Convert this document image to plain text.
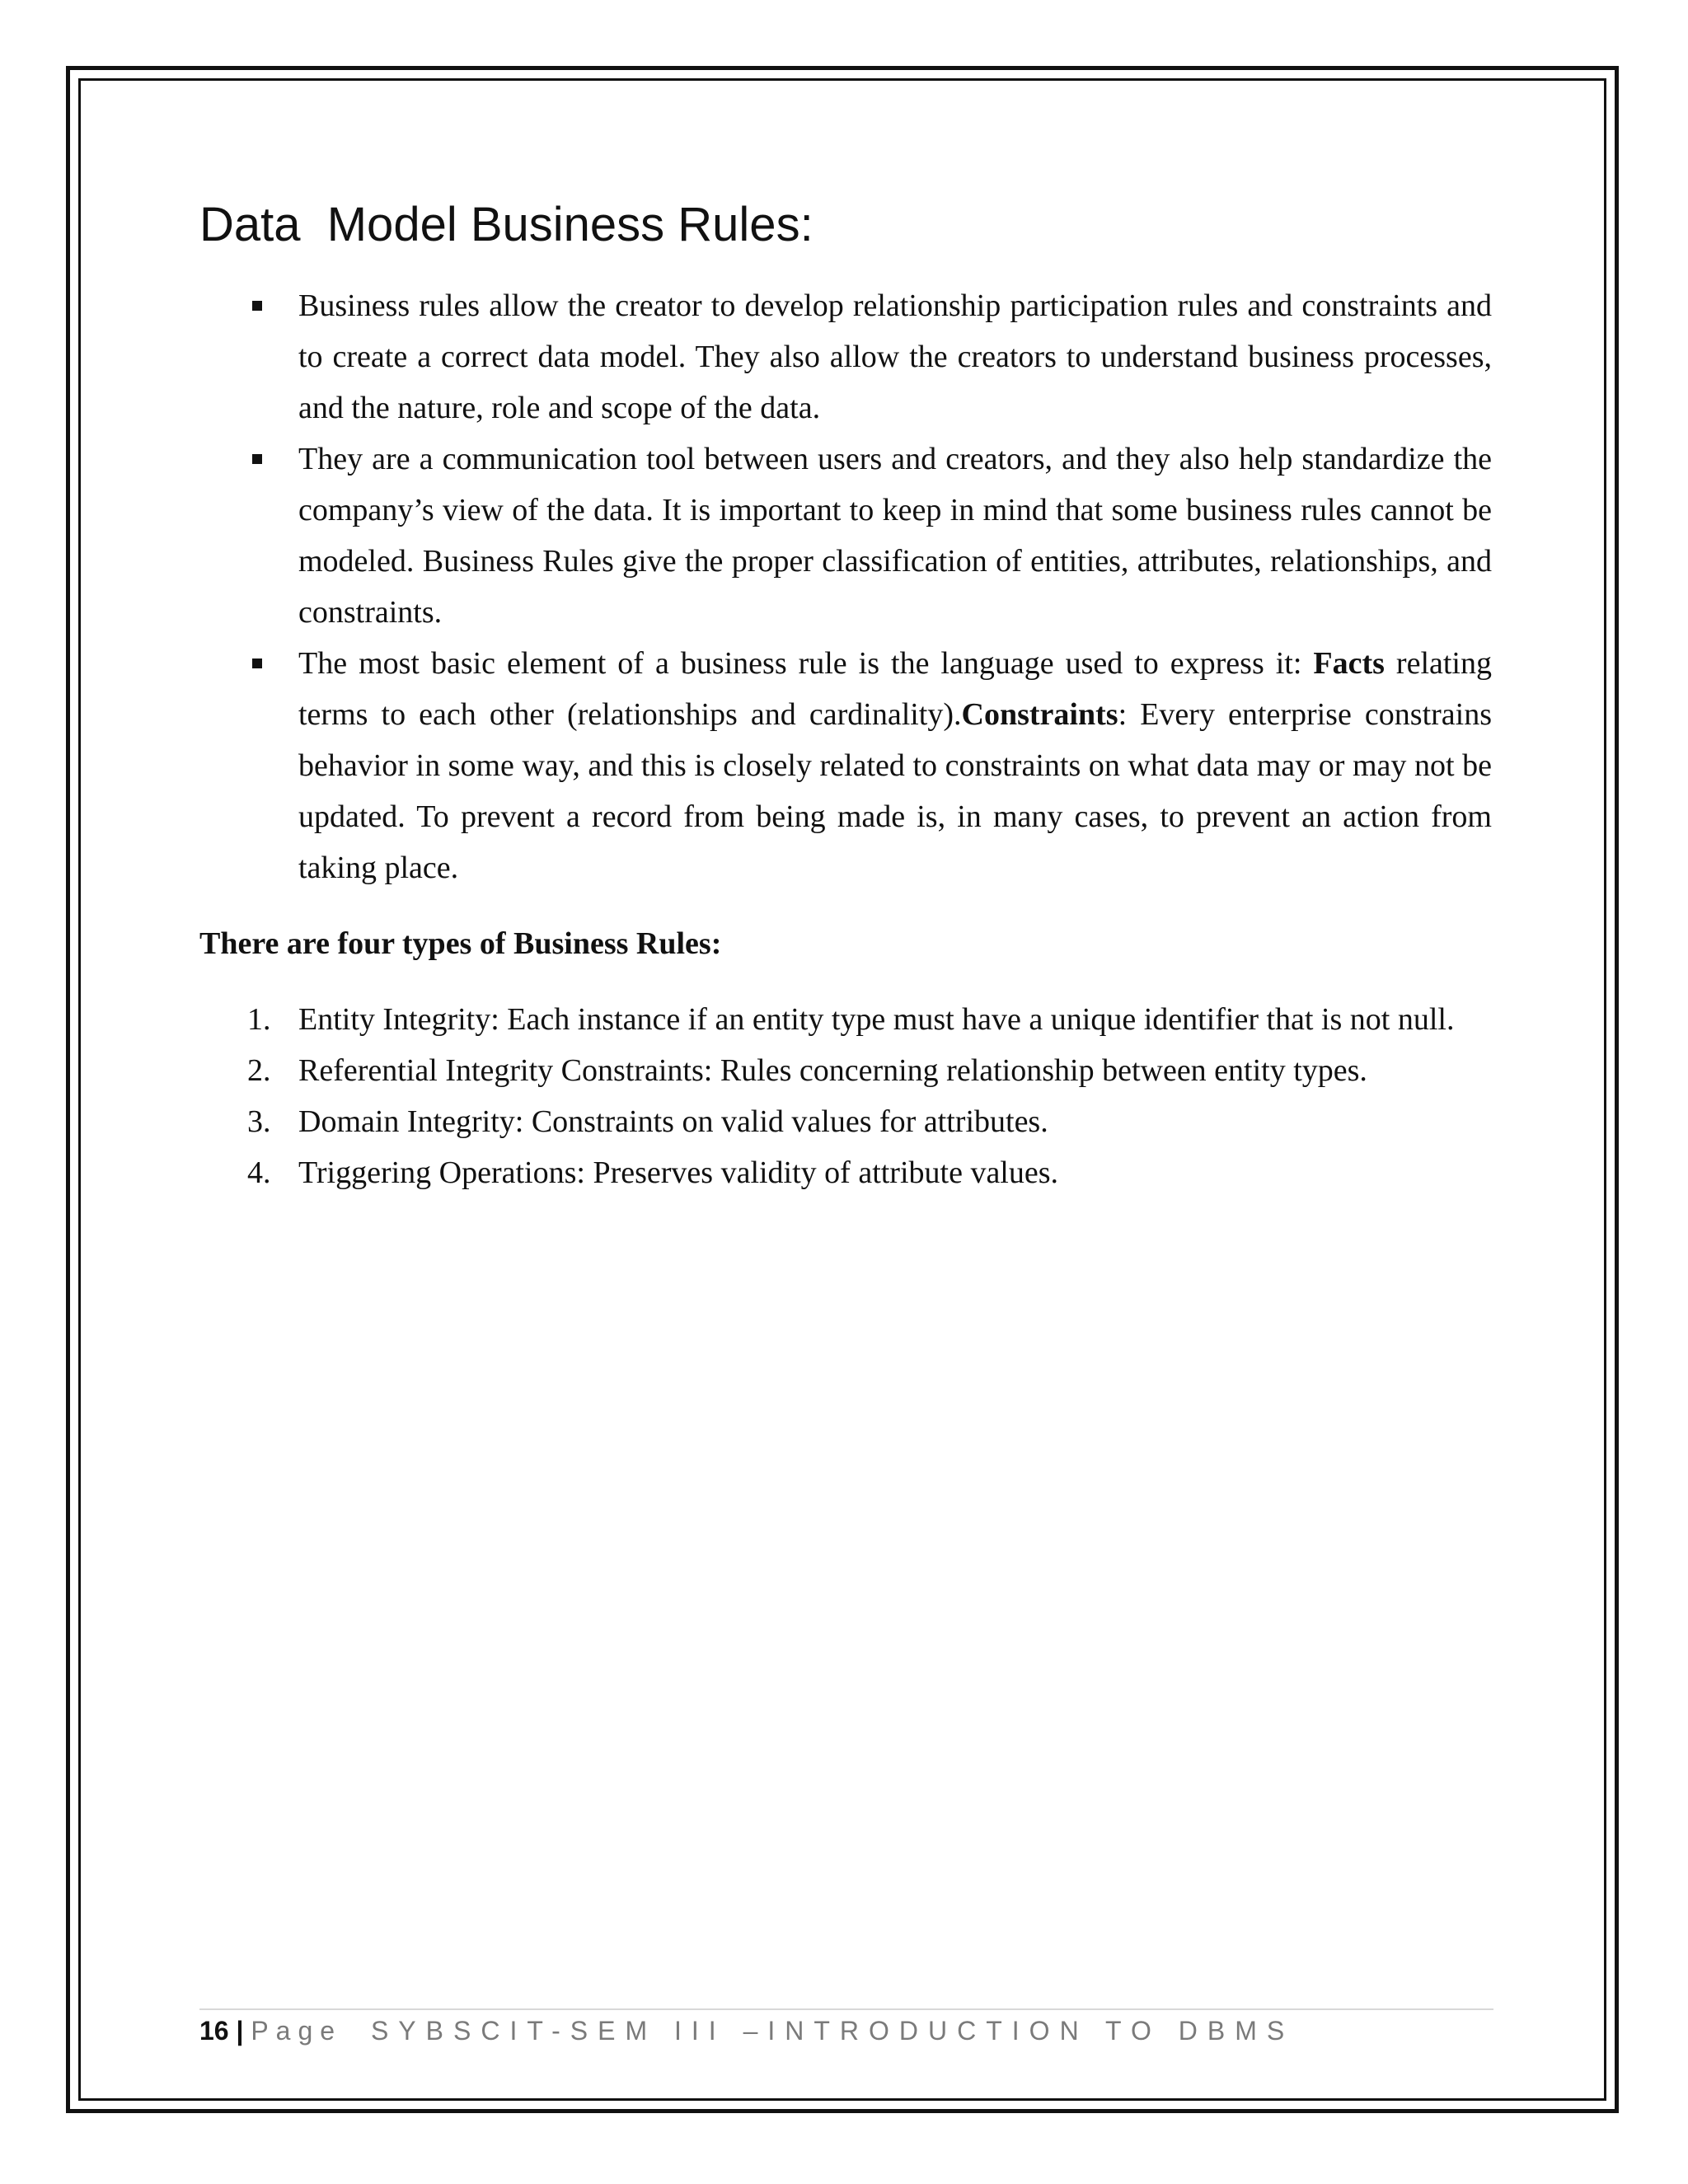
Data  Model Business Rules:
Business rules allow the creator to develop relationship participation rules and constraints and to create a correct data model. They also allow the creators to understand business processes, and the nature, role and scope of the data.
They are a communication tool between users and creators, and they also help standardize the company’s view of the data. It is important to keep in mind that some business rules cannot be modeled. Business Rules give the proper classification of entities, attributes, relationships, and constraints.
The most basic element of a business rule is the language used to express it: Facts relating terms to each other (relationships and cardinality).Constraints: Every enterprise constrains behavior in some way, and this is closely related to constraints on what data may or may not be updated. To prevent a record from being made is, in many cases, to prevent an action from taking place.

There are four types of Business Rules:

1. Entity Integrity: Each instance if an entity type must have a unique identifier that is not null.
2. Referential Integrity Constraints: Rules concerning relationship between entity types.
3. Domain Integrity: Constraints on valid values for attributes.
4. Triggering Operations: Preserves validity of attribute values.
16 | Page SYBSCIT-SEM III –INTRODUCTION TO DBMS
